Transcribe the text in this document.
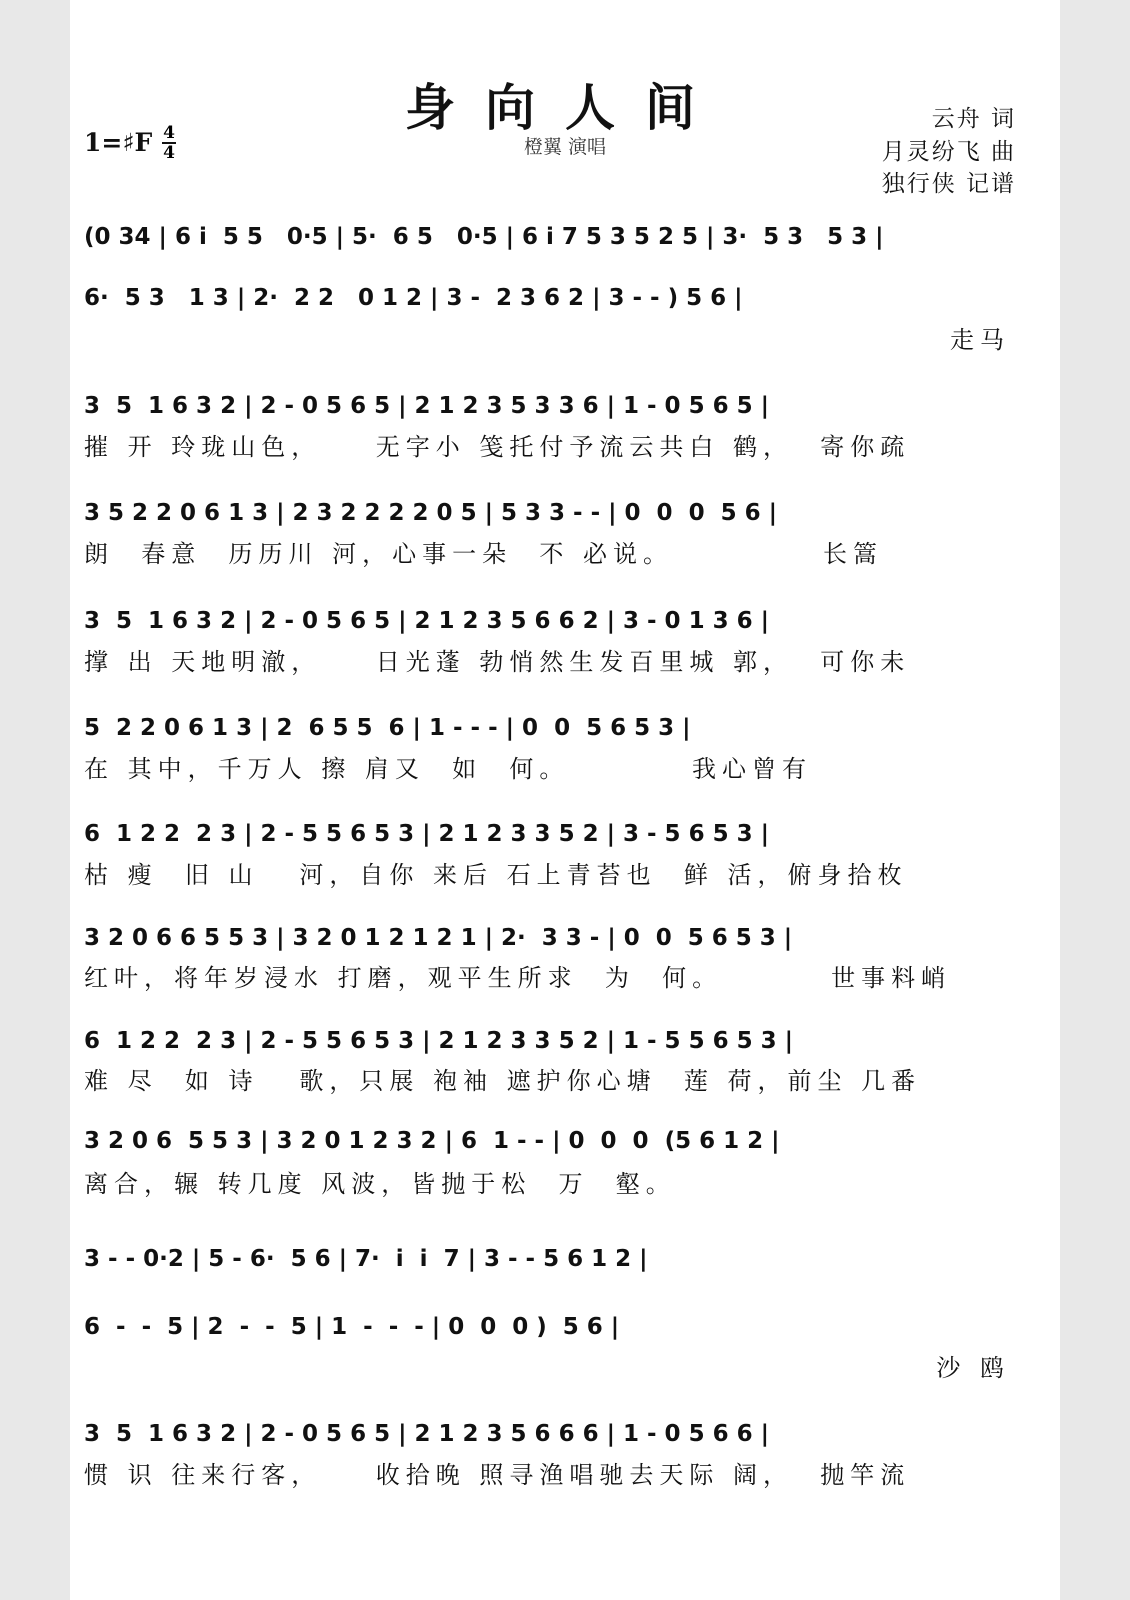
身向人间
橙翼 演唱
1=♯F 4
4
云舟 词
月灵纷飞 曲
独行侠 记谱
(0 34 | 6 i  5 5   0·5 | 5·  6 5   0·5 | 6 i 7 5 3 5 2 5 | 3·  5 3   5 3 |
6·  5 3   1 3 | 2·  2 2   0 1 2 | 3 -  2 3 6 2 | 3 - - ) 5 6 |
走马
3  5  1 6 3 2 | 2 - 0 5 6 5 | 2 1 2 3 5 3 3 6 | 1 - 0 5 6 5 |
摧 开 玲珑山色，    无字小 笺托付予流云共白 鹤，  寄你疏
3 5 2 2 0 6 1 3 | 2 3 2 2 2 2 0 5 | 5 3 3 - - | 0  0  0  5 6 |
朗  春意  历历川 河，心事一朵  不 必说。           长篙
3  5  1 6 3 2 | 2 - 0 5 6 5 | 2 1 2 3 5 6 6 2 | 3 - 0 1 3 6 |
撑 出 天地明澈，    日光蓬 勃悄然生发百里城 郭，  可你未
5  2 2 0 6 1 3 | 2  6 5 5  6 | 1 - - - | 0  0  5 6 5 3 |
在 其中，千万人 擦 肩又  如  何。         我心曾有
6  1 2 2  2 3 | 2 - 5 5 6 5 3 | 2 1 2 3 3 5 2 | 3 - 5 6 5 3 |
枯 瘦  旧 山   河，自你 来后 石上青苔也  鲜 活，俯身拾枚
3 2 0 6 6 5 5 3 | 3 2 0 1 2 1 2 1 | 2·  3 3 - | 0  0  5 6 5 3 |
红叶，将年岁浸水 打磨，观平生所求  为  何。        世事料峭
6  1 2 2  2 3 | 2 - 5 5 6 5 3 | 2 1 2 3 3 5 2 | 1 - 5 5 6 5 3 |
难 尽  如 诗   歌，只展 袍袖 遮护你心塘  莲 荷，前尘 几番
3 2 0 6  5 5 3 | 3 2 0 1 2 3 2 | 6  1 - - | 0  0  0  (5 6 1 2 |
离合，辗 转几度 风波，皆抛于松  万  壑。
3 - - 0·2 | 5 - 6·  5 6 | 7·  i  i  7 | 3 - - 5 6 1 2 |
6  -  -  5 | 2  -  -  5 | 1  -  -  - | 0  0  0 )  5 6 |
沙 鸥
3  5  1 6 3 2 | 2 - 0 5 6 5 | 2 1 2 3 5 6 6 6 | 1 - 0 5 6 6 |
惯 识 往来行客，    收拾晚 照寻渔唱驰去天际 阔，  抛竿流
